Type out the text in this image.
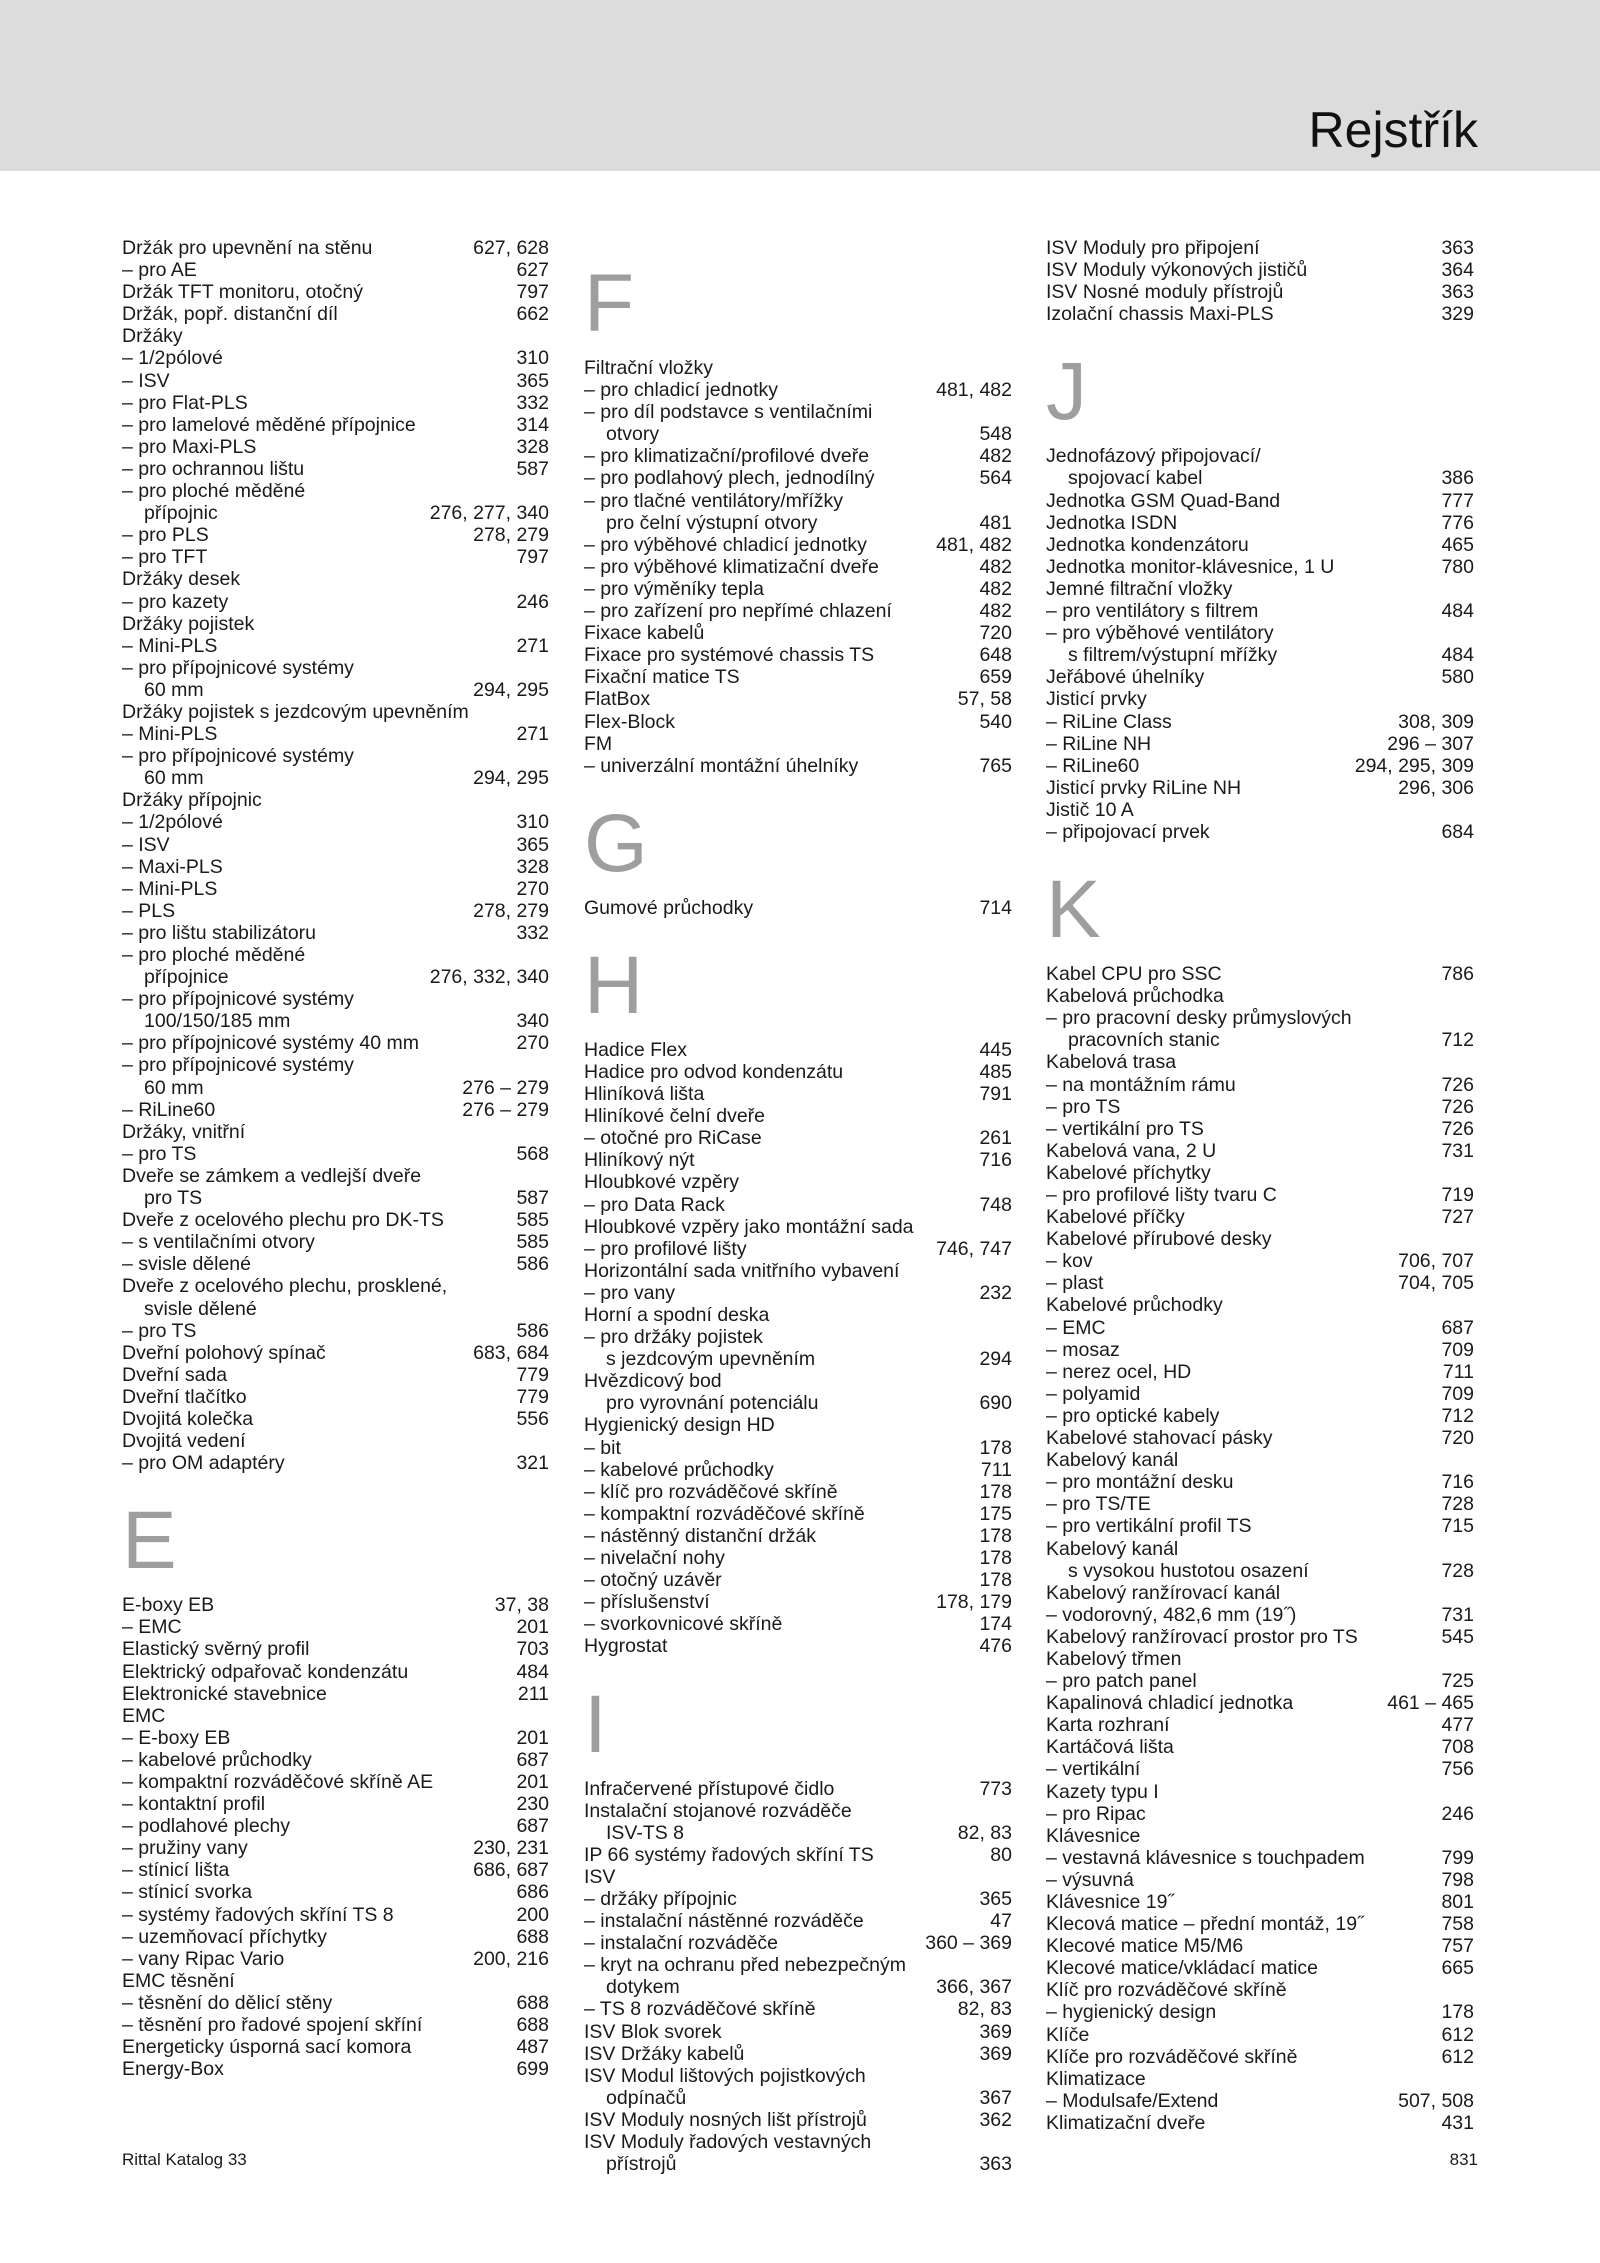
Rejstřík
Držák pro upevnění na stěnu	627, 628
– pro AE	627
Držák TFT monitoru, otočný	797
Držák, popř. distanční díl	662
Držáky
– 1/2pólové	310
– ISV	365
– pro Flat-PLS	332
– pro lamelové měděné přípojnice	314
– pro Maxi-PLS	328
– pro ochrannou lištu	587
– pro ploché měděné
přípojnic	276, 277, 340
– pro PLS	278, 279
– pro TFT	797
Držáky desek
– pro kazety	246
Držáky pojistek
– Mini-PLS	271
– pro přípojnicové systémy
60 mm	294, 295
Držáky pojistek s jezdcovým upevněním
– Mini-PLS	271
– pro přípojnicové systémy
60 mm	294, 295
Držáky přípojnic
– 1/2pólové	310
– ISV	365
– Maxi-PLS	328
– Mini-PLS	270
– PLS	278, 279
– pro lištu stabilizátoru	332
– pro ploché měděné
přípojnice	276, 332, 340
– pro přípojnicové systémy
100/150/185 mm	340
– pro přípojnicové systémy 40 mm	270
– pro přípojnicové systémy
60 mm	276 – 279
– RiLine60	276 – 279
Držáky, vnitřní
– pro TS	568
Dveře se zámkem a vedlejší dveře
pro TS	587
Dveře z ocelového plechu pro DK-TS	585
– s ventilačními otvory	585
– svisle dělené	586
Dveře z ocelového plechu, prosklené,
svisle dělené
– pro TS	586
Dveřní polohový spínač	683, 684
Dveřní sada	779
Dveřní tlačítko	779
Dvojitá kolečka	556
Dvojitá vedení
– pro OM adaptéry	321
E
E-boxy EB	37, 38
– EMC	201
Elastický svěrný profil	703
Elektrický odpařovač kondenzátu	484
Elektronické stavebnice	211
EMC
– E-boxy EB	201
– kabelové průchodky	687
– kompaktní rozváděčové skříně AE	201
– kontaktní profil	230
– podlahové plechy	687
– pružiny vany	230, 231
– stínicí lišta	686, 687
– stínicí svorka	686
– systémy řadových skříní TS 8	200
– uzemňovací příchytky	688
– vany Ripac Vario	200, 216
EMC těsnění
– těsnění do dělicí stěny	688
– těsnění pro řadové spojení skříní	688
Energeticky úsporná sací komora	487
Energy-Box	699
F
Filtrační vložky
– pro chladicí jednotky	481, 482
– pro díl podstavce s ventilačními
otvory	548
– pro klimatizační/profilové dveře	482
– pro podlahový plech, jednodílný	564
– pro tlačné ventilátory/mřížky
pro čelní výstupní otvory	481
– pro výběhové chladicí jednotky	481, 482
– pro výběhové klimatizační dveře	482
– pro výměníky tepla	482
– pro zařízení pro nepřímé chlazení	482
Fixace kabelů	720
Fixace pro systémové chassis TS	648
Fixační matice TS	659
FlatBox	57, 58
Flex-Block	540
FM
– univerzální montážní úhelníky	765
G
Gumové průchodky	714
H
Hadice Flex	445
Hadice pro odvod kondenzátu	485
Hliníková lišta	791
Hliníkové čelní dveře
– otočné pro RiCase	261
Hliníkový nýt	716
Hloubkové vzpěry
– pro Data Rack	748
Hloubkové vzpěry jako montážní sada
– pro profilové lišty	746, 747
Horizontální sada vnitřního vybavení
– pro vany	232
Horní a spodní deska
– pro držáky pojistek
s jezdcovým upevněním	294
Hvězdicový bod
pro vyrovnání potenciálu	690
Hygienický design HD
– bit	178
– kabelové průchodky	711
– klíč pro rozváděčové skříně	178
– kompaktní rozváděčové skříně	175
– nástěnný distanční držák	178
– nivelační nohy	178
– otočný uzávěr	178
– příslušenství	178, 179
– svorkovnicové skříně	174
Hygrostat	476
I
Infračervené přístupové čidlo	773
Instalační stojanové rozváděče
ISV-TS 8	82, 83
IP 66 systémy řadových skříní TS	80
ISV
– držáky přípojnic	365
– instalační nástěnné rozváděče	47
– instalační rozváděče	360 – 369
– kryt na ochranu před nebezpečným
dotykem	366, 367
– TS 8 rozváděčové skříně	82, 83
ISV Blok svorek	369
ISV Držáky kabelů	369
ISV Modul lištových pojistkových
odpínačů	367
ISV Moduly nosných lišt přístrojů	362
ISV Moduly řadových vestavných
přístrojů	363
ISV Moduly pro připojení	363
ISV Moduly výkonových jističů	364
ISV Nosné moduly přístrojů	363
Izolační chassis Maxi-PLS	329
J
Jednofázový připojovací/
spojovací kabel	386
Jednotka GSM Quad-Band	777
Jednotka ISDN	776
Jednotka kondenzátoru	465
Jednotka monitor-klávesnice, 1 U	780
Jemné filtrační vložky
– pro ventilátory s filtrem	484
– pro výběhové ventilátory
s filtrem/výstupní mřížky	484
Jeřábové úhelníky	580
Jisticí prvky
– RiLine Class	308, 309
– RiLine NH	296 – 307
– RiLine60	294, 295, 309
Jisticí prvky RiLine NH	296, 306
Jistič 10 A
– připojovací prvek	684
K
Kabel CPU pro SSC	786
Kabelová průchodka
– pro pracovní desky průmyslových
pracovních stanic	712
Kabelová trasa
– na montážním rámu	726
– pro TS	726
– vertikální pro TS	726
Kabelová vana, 2 U	731
Kabelové příchytky
– pro profilové lišty tvaru C	719
Kabelové příčky	727
Kabelové přírubové desky
– kov	706, 707
– plast	704, 705
Kabelové průchodky
– EMC	687
– mosaz	709
– nerez ocel, HD	711
– polyamid	709
– pro optické kabely	712
Kabelové stahovací pásky	720
Kabelový kanál
– pro montážní desku	716
– pro TS/TE	728
– pro vertikální profil TS	715
Kabelový kanál
s vysokou hustotou osazení	728
Kabelový ranžírovací kanál
– vodorovný, 482,6 mm (19˝)	731
Kabelový ranžírovací prostor pro TS	545
Kabelový třmen
– pro patch panel	725
Kapalinová chladicí jednotka	461 – 465
Karta rozhraní	477
Kartáčová lišta	708
– vertikální	756
Kazety typu I
– pro Ripac	246
Klávesnice
– vestavná klávesnice s touchpadem	799
– výsuvná	798
Klávesnice 19˝	801
Klecová matice – přední montáž, 19˝	758
Klecové matice M5/M6	757
Klecové matice/vkládací matice	665
Klíč pro rozváděčové skříně
– hygienický design	178
Klíče	612
Klíče pro rozváděčové skříně	612
Klimatizace
– Modulsafe/Extend	507, 508
Klimatizační dveře	431
Rittal Katalog 33	831
